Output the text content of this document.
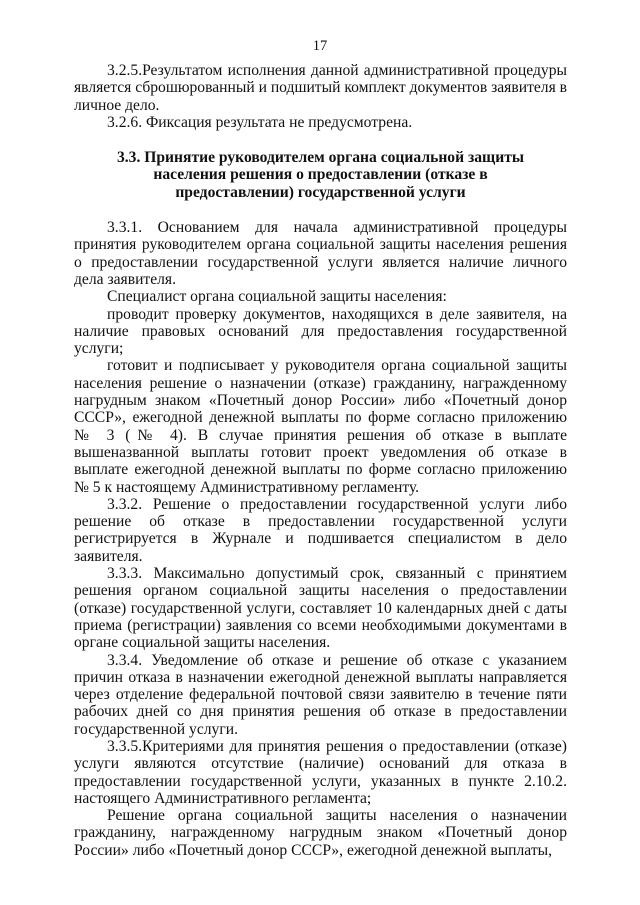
17

3.2.5.Результатом исполнения данной административной процедуры является сброшюрованный и подшитый комплект документов заявителя в личное дело.

3.2.6. Фиксация результата не предусмотрена.

3.3. Принятие руководителем органа социальной защиты населения решения о предоставлении (отказе в предоставлении) государственной услуги

3.3.1. Основанием для начала административной процедуры принятия руководителем органа социальной защиты населения решения о предоставлении государственной услуги является наличие личного дела заявителя.

Специалист органа социальной защиты населения:

проводит проверку документов, находящихся в деле заявителя, на наличие правовых оснований для предоставления государственной услуги;

готовит и подписывает у руководителя органа социальной защиты населения решение о назначении (отказе) гражданину, награжденному нагрудным знаком «Почетный донор России» либо «Почетный донор СССР», ежегодной денежной выплаты по форме согласно приложению № 3 (№ 4). В случае принятия решения об отказе в выплате вышеназванной выплаты готовит проект уведомления об отказе в выплате ежегодной денежной выплаты по форме согласно приложению № 5 к настоящему Административному регламенту.

3.3.2. Решение о предоставлении государственной услуги либо решение об отказе в предоставлении государственной услуги регистрируется в Журнале и подшивается специалистом в дело заявителя.

3.3.3. Максимально допустимый срок, связанный с принятием решения органом социальной защиты населения о предоставлении (отказе) государственной услуги, составляет 10 календарных дней с даты приема (регистрации) заявления со всеми необходимыми документами в органе социальной защиты населения.

3.3.4. Уведомление об отказе и решение об отказе с указанием причин отказа в назначении ежегодной денежной выплаты направляется через отделение федеральной почтовой связи заявителю в течение пяти рабочих дней со дня принятия решения об отказе в предоставлении государственной услуги.

3.3.5.Критериями для принятия решения о предоставлении (отказе) услуги являются отсутствие (наличие) оснований для отказа в предоставлении государственной услуги, указанных в пункте 2.10.2. настоящего Административного регламента;

Решение органа социальной защиты населения о назначении гражданину, награжденному нагрудным знаком «Почетный донор России» либо «Почетный донор СССР», ежегодной денежной выплаты,
